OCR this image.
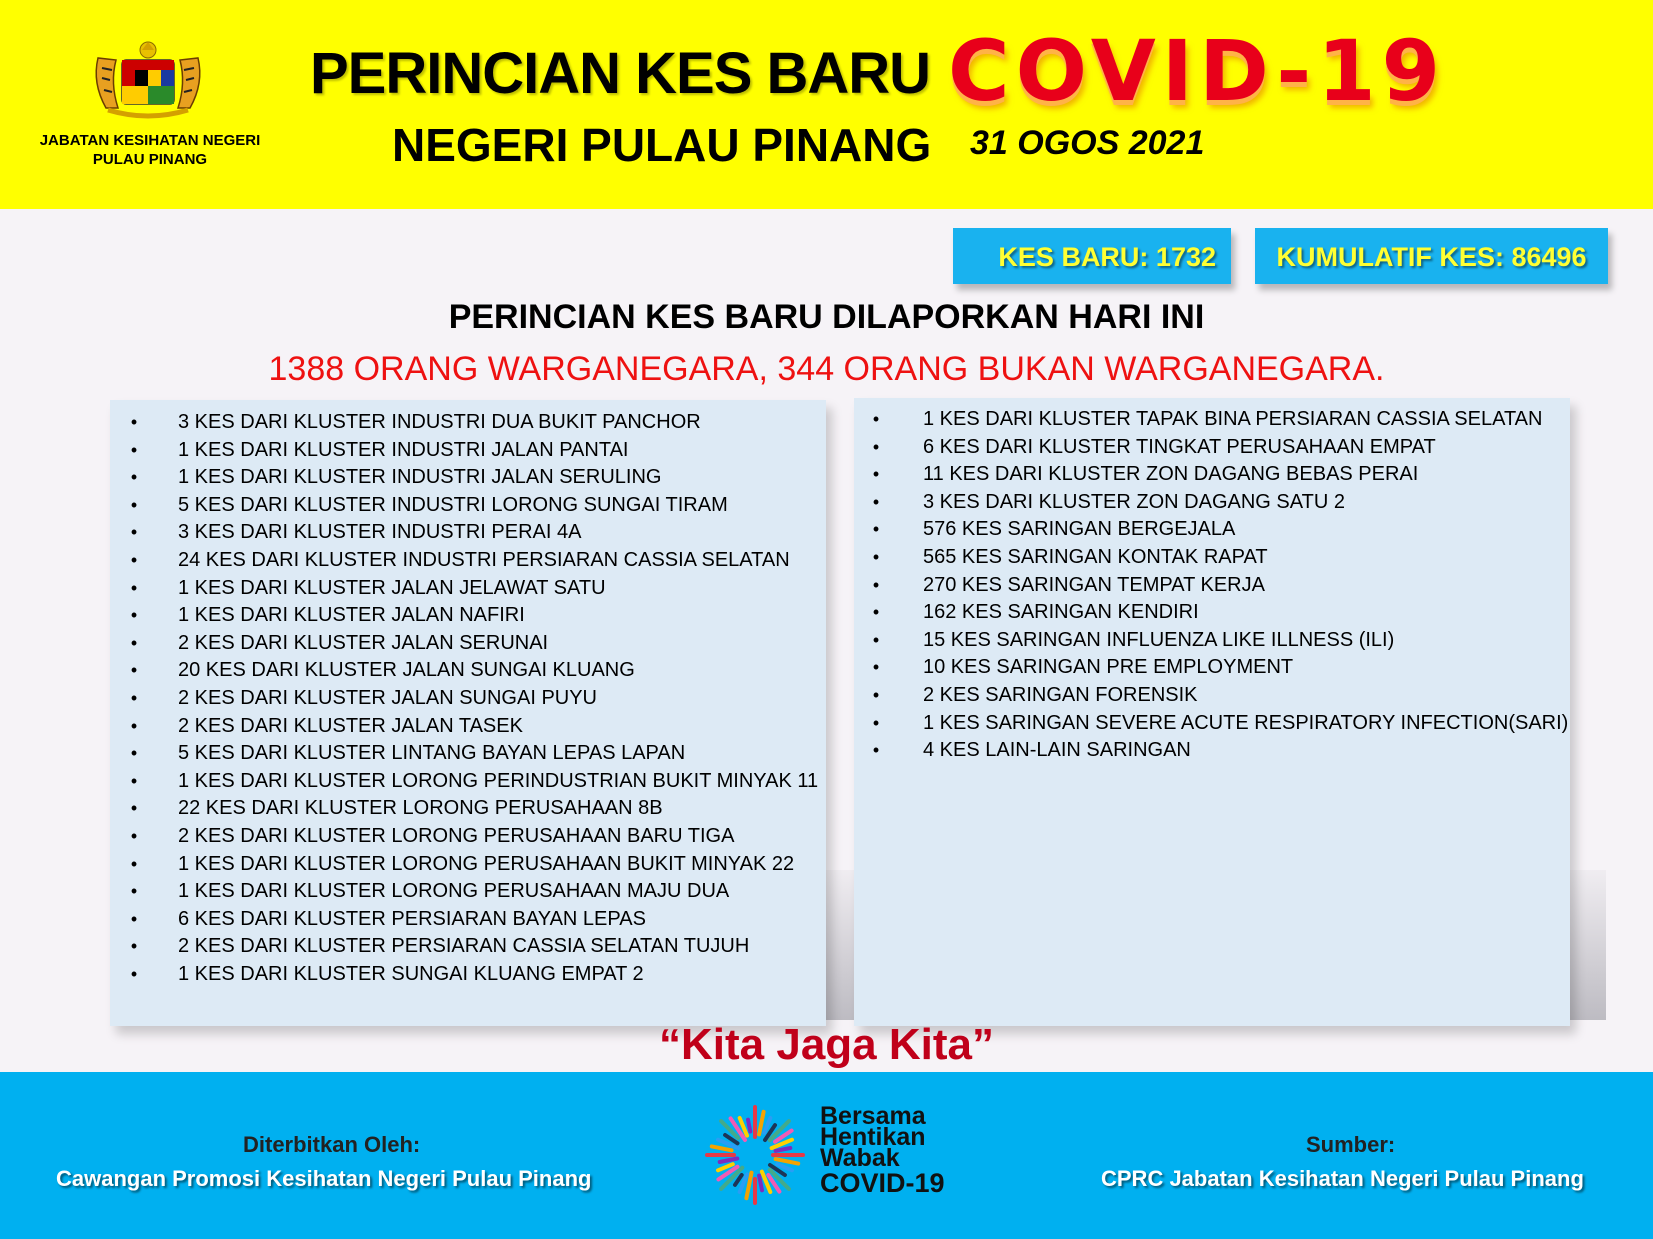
JABATAN KESIHATAN NEGERI PULAU PINANG
PERINCIAN KES BARU COVID-19
NEGERI PULAU PINANG 31 OGOS 2021
KES BARU: 1732	KUMULATIF KES: 86496
PERINCIAN KES BARU DILAPORKAN HARI INI
1388 ORANG WARGANEGARA, 344 ORANG BUKAN WARGANEGARA.
• 3 KES DARI KLUSTER INDUSTRI DUA BUKIT PANCHOR
• 1 KES DARI KLUSTER INDUSTRI JALAN PANTAI
• 1 KES DARI KLUSTER INDUSTRI JALAN SERULING
• 5 KES DARI KLUSTER INDUSTRI LORONG SUNGAI TIRAM
• 3 KES DARI KLUSTER INDUSTRI PERAI 4A
• 24 KES DARI KLUSTER INDUSTRI PERSIARAN CASSIA SELATAN
• 1 KES DARI KLUSTER JALAN JELAWAT SATU
• 1 KES DARI KLUSTER JALAN NAFIRI
• 2 KES DARI KLUSTER JALAN SERUNAI
• 20 KES DARI KLUSTER JALAN SUNGAI KLUANG
• 2 KES DARI KLUSTER JALAN SUNGAI PUYU
• 2 KES DARI KLUSTER JALAN TASEK
• 5 KES DARI KLUSTER LINTANG BAYAN LEPAS LAPAN
• 1 KES DARI KLUSTER LORONG PERINDUSTRIAN BUKIT MINYAK 11
• 22 KES DARI KLUSTER LORONG PERUSAHAAN 8B
• 2 KES DARI KLUSTER LORONG PERUSAHAAN BARU TIGA
• 1 KES DARI KLUSTER LORONG PERUSAHAAN BUKIT MINYAK 22
• 1 KES DARI KLUSTER LORONG PERUSAHAAN MAJU DUA
• 6 KES DARI KLUSTER PERSIARAN BAYAN LEPAS
• 2 KES DARI KLUSTER PERSIARAN CASSIA SELATAN TUJUH
• 1 KES DARI KLUSTER SUNGAI KLUANG EMPAT 2
• 1 KES DARI KLUSTER TAPAK BINA PERSIARAN CASSIA SELATAN
• 6 KES DARI KLUSTER TINGKAT PERUSAHAAN EMPAT
• 11 KES DARI KLUSTER ZON DAGANG BEBAS PERAI
• 3 KES DARI KLUSTER ZON DAGANG SATU 2
• 576 KES SARINGAN BERGEJALA
• 565 KES SARINGAN KONTAK RAPAT
• 270 KES SARINGAN TEMPAT KERJA
• 162 KES SARINGAN KENDIRI
• 15 KES SARINGAN INFLUENZA LIKE ILLNESS (ILI)
• 10 KES SARINGAN PRE EMPLOYMENT
• 2 KES SARINGAN FORENSIK
• 1 KES SARINGAN SEVERE ACUTE RESPIRATORY INFECTION(SARI)
• 4 KES LAIN-LAIN SARINGAN
“Kita Jaga Kita”
Diterbitkan Oleh:
Cawangan Promosi Kesihatan Negeri Pulau Pinang
Bersama
Hentikan
Wabak
COVID-19
Sumber:
CPRC Jabatan Kesihatan Negeri Pulau Pinang
